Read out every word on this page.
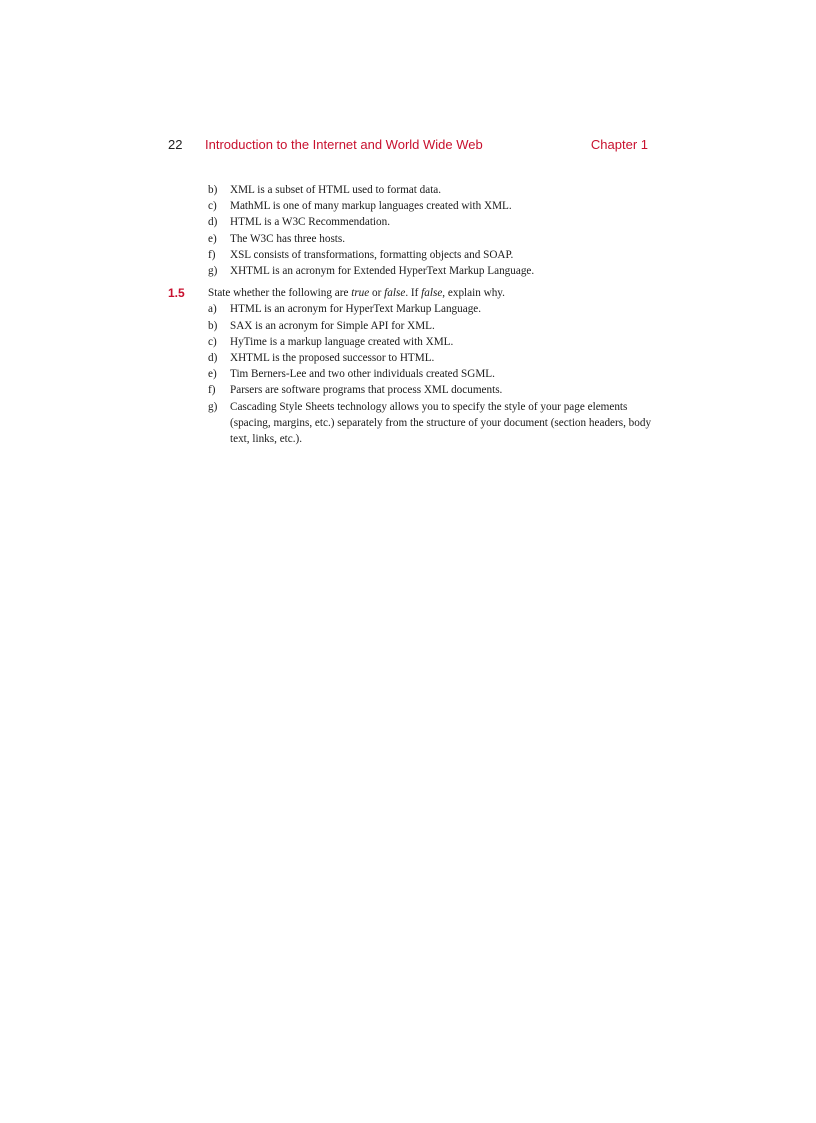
22 Introduction to the Internet and World Wide Web	Chapter 1
b) XML is a subset of HTML used to format data.
c) MathML is one of many markup languages created with XML.
d) HTML is a W3C Recommendation.
e) The W3C has three hosts.
f) XSL consists of transformations, formatting objects and SOAP.
g) XHTML is an acronym for Extended HyperText Markup Language.
1.5 State whether the following are true or false. If false, explain why.
a) HTML is an acronym for HyperText Markup Language.
b) SAX is an acronym for Simple API for XML.
c) HyTime is a markup language created with XML.
d) XHTML is the proposed successor to HTML.
e) Tim Berners-Lee and two other individuals created SGML.
f) Parsers are software programs that process XML documents.
g) Cascading Style Sheets technology allows you to specify the style of your page elements (spacing, margins, etc.) separately from the structure of your document (section headers, body text, links, etc.).
